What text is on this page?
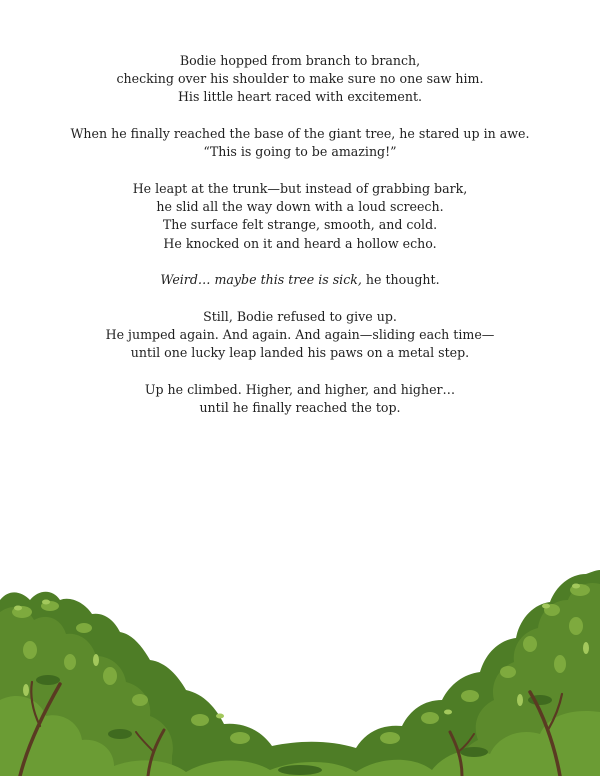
Bodie hopped from branch to branch,
checking over his shoulder to make sure no one saw him.
His little heart raced with excitement.

When he finally reached the base of the giant tree, he stared up in awe.
“This is going to be amazing!”

He leapt at the trunk—but instead of grabbing bark,
he slid all the way down with a loud screech.
The surface felt strange, smooth, and cold.
He knocked on it and heard a hollow echo.

Weird… maybe this tree is sick, he thought.

Still, Bodie refused to give up.
He jumped again. And again. And again—sliding each time—
until one lucky leap landed his paws on a metal step.

Up he climbed. Higher, and higher, and higher…
until he finally reached the top.
